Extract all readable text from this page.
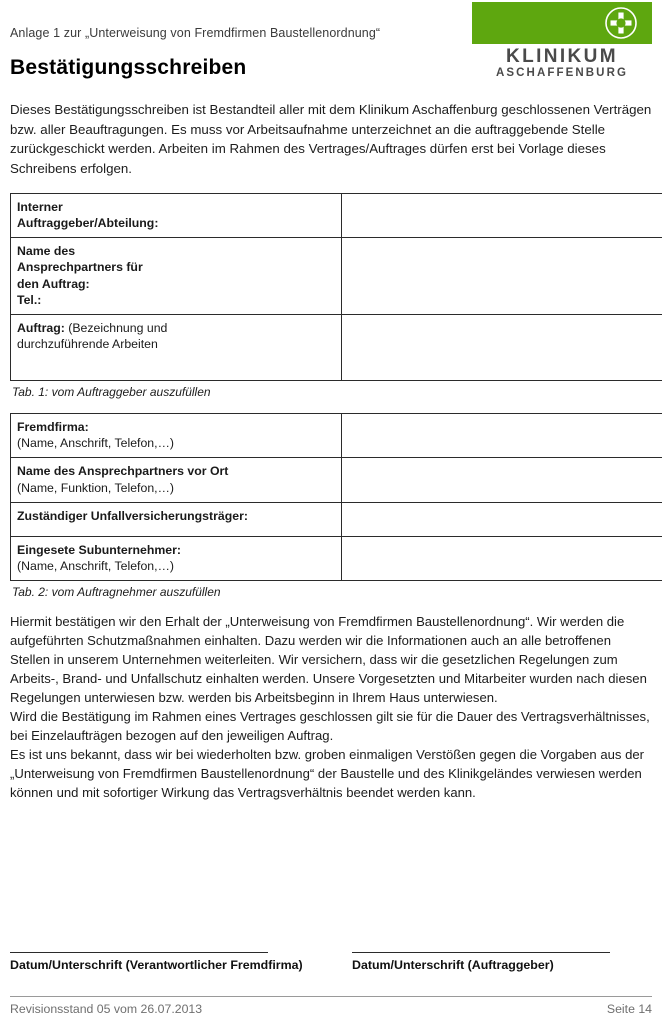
Anlage 1 zur „Unterweisung von Fremdfirmen Baustellenordnung“
Bestätigungsschreiben	KLINIKUM
ASCHAFFENBURG
Dieses Bestätigungsschreiben ist Bestandteil aller mit dem Klinikum Aschaffenburg geschlossenen Verträgen bzw. aller Beauftragungen. Es muss vor Arbeitsaufnahme unterzeichnet an die auftraggebende Stelle zurückgeschickt werden. Arbeiten im Rahmen des Vertrages/Auftrages dürfen erst bei Vorlage dieses Schreibens erfolgen.
Interner
Auftraggeber/Abteilung:	

Name des
Ansprechpartners für
den Auftrag:
Tel.:	

Auftrag: (Bezeichnung und
durchzuführende Arbeiten	

Tab. 1: vom Auftraggeber auszufüllen
Fremdfirma:
(Name, Anschrift, Telefon,…)	

Name des Ansprechpartners vor Ort
(Name, Funktion, Telefon,…)	

Zuständiger Unfallversicherungsträger:	

Eingesete Subunternehmer:
(Name, Anschrift, Telefon,…)	

Tab. 2: vom Auftragnehmer auszufüllen

Hiermit bestätigen wir den Erhalt der „Unterweisung von Fremdfirmen Baustellenordnung“. Wir werden die aufgeführten Schutzmaßnahmen einhalten. Dazu werden wir die Informationen auch an alle betroffenen Stellen in unserem Unternehmen weiterleiten. Wir versichern, dass wir die gesetzlichen Regelungen zum Arbeits-, Brand- und Unfallschutz einhalten werden. Unsere Vorgesetzten und Mitarbeiter wurden nach diesen Regelungen unterwiesen bzw. werden bis Arbeitsbeginn in Ihrem Haus unterwiesen.

Wird die Bestätigung im Rahmen eines Vertrages geschlossen gilt sie für die Dauer des Vertragsverhältnisses, bei Einzelaufträgen bezogen auf den jeweiligen Auftrag.

Es ist uns bekannt, dass wir bei wiederholten bzw. groben einmaligen Verstößen gegen die Vorgaben aus der „Unterweisung von Fremdfirmen Baustellenordnung“ der Baustelle und des Klinikgeländes verwiesen werden können und mit sofortiger Wirkung das Vertragsverhältnis beendet werden kann.

Datum/Unterschrift (Verantwortlicher Fremdfirma)	Datum/Unterschrift (Auftraggeber)
Revisionsstand 05 vom 26.07.2013	Seite 14
